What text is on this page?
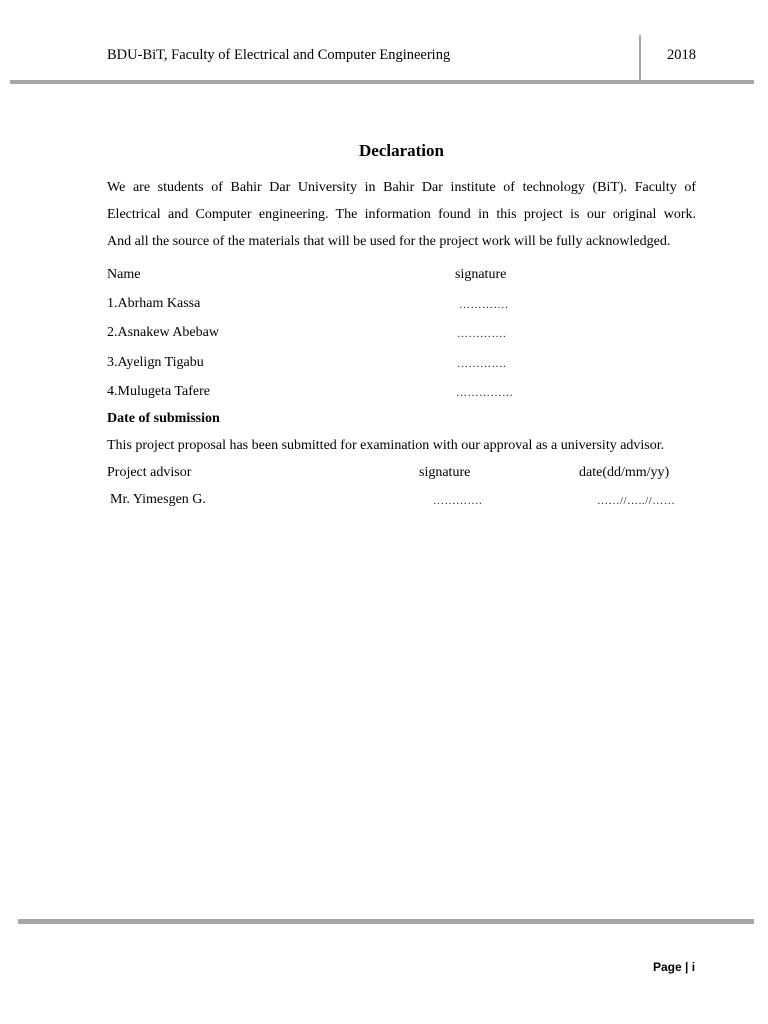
BDU-BiT, Faculty of Electrical and Computer Engineering	2018
Declaration
We are students of Bahir Dar University in Bahir Dar institute of technology (BiT). Faculty of
Electrical and Computer engineering. The information found in this project is our original work.
And all the source of the materials that will be used for the project work will be fully acknowledged.
Name	signature
1.Abrham Kassa	………….
2.Asnakew Abebaw	………….
3.Ayelign Tigabu	………….
4.Mulugeta Tafere	……………
Date of submission
This project proposal has been submitted for examination with our approval as a university advisor.
Project advisor	signature	date(dd/mm/yy)
Mr. Yimesgen G.	………….	……//…..//……
Page | i
